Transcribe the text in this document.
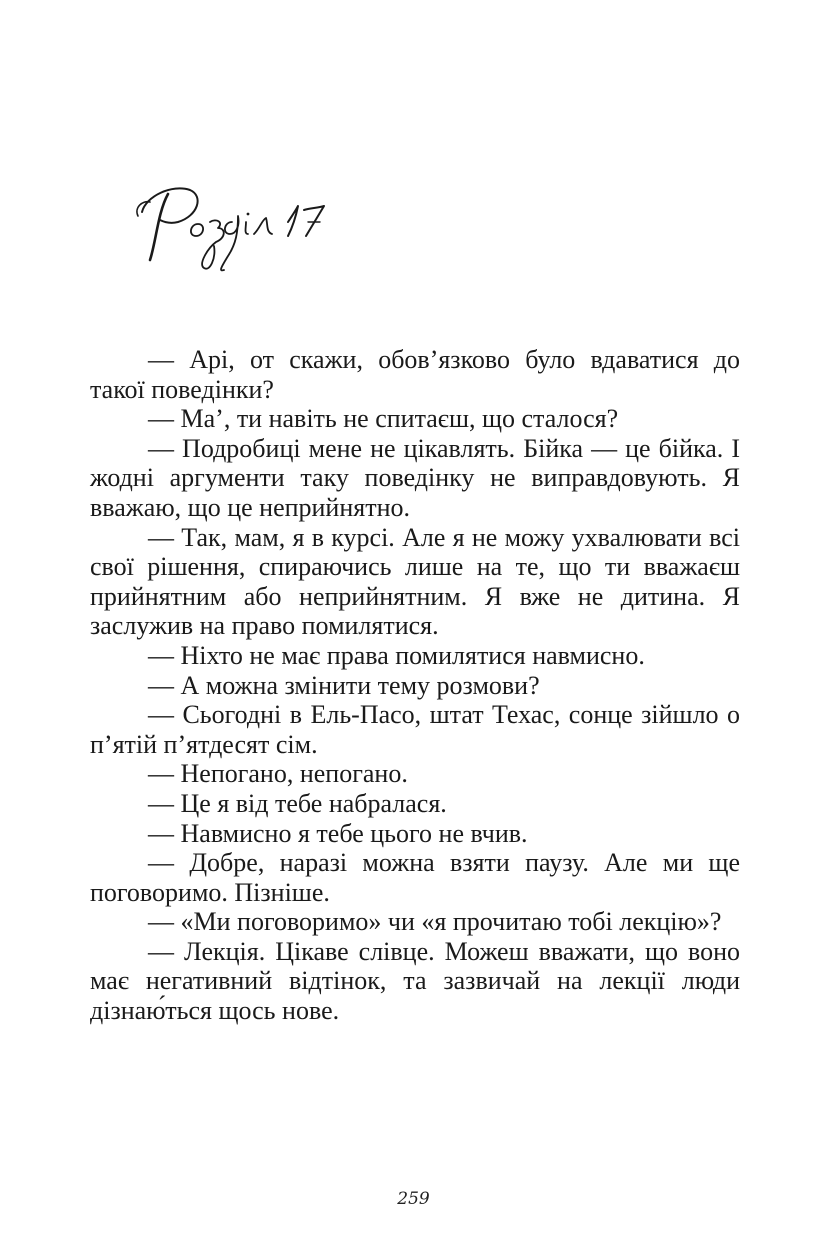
— Арі, от скажи, обов’язково було вдаватися до такої поведінки?

— Ма’, ти навіть не спитаєш, що сталося?

— Подробиці мене не цікавлять. Бійка — це бійка. І жодні аргументи таку поведінку не виправдовують. Я вважаю, що це неприйнятно.

— Так, мам, я в курсі. Але я не можу ухвалювати всі свої рішення, спираючись лише на те, що ти вважаєш прийнятним або неприйнятним. Я вже не дитина. Я заслужив на право помилятися.

— Ніхто не має права помилятися навмисно.

— А можна змінити тему розмови?

— Сьогодні в Ель-Пасо, штат Техас, сонце зійшло о п’ятій п’ятдесят сім.

— Непогано, непогано.

— Це я від тебе набралася.

— Навмисно я тебе цього не вчив.

— Добре, наразі можна взяти паузу. Але ми ще поговоримо. Пізніше.

— «Ми поговоримо» чи «я прочитаю тобі лекцію»?

— Лекція. Цікаве слівце. Можеш вважати, що воно має негативний відтінок, та зазвичай на лекції люди дізнаю́ться щось нове.

259
